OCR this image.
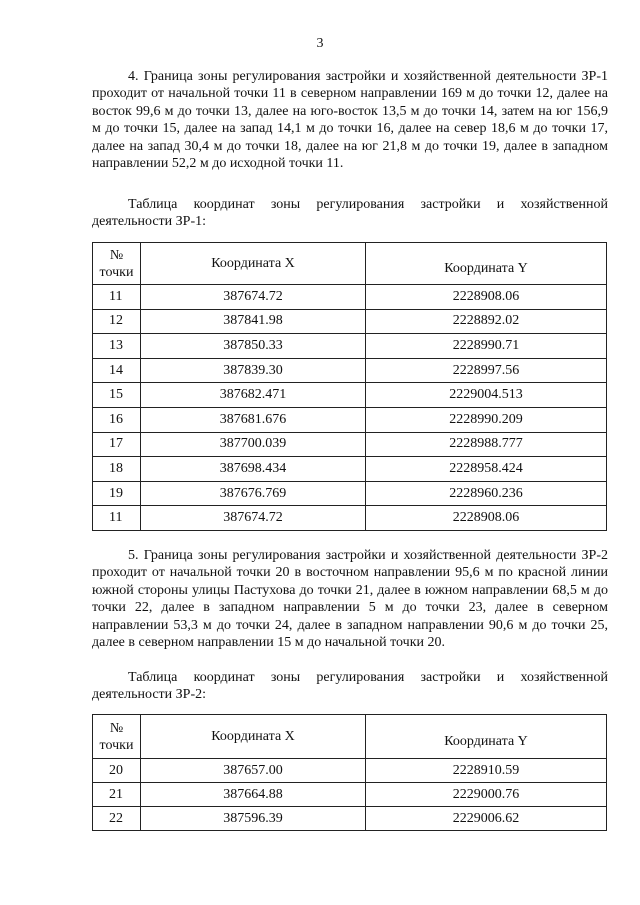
3

4. Граница зоны регулирования застройки и хозяйственной деятельности ЗР-1 проходит от начальной точки 11 в северном направлении 169 м до точки 12, далее на восток 99,6 м до точки 13, далее на юго-восток 13,5 м до точки 14, затем на юг 156,9 м до точки 15, далее на запад 14,1 м до точки 16, далее на север 18,6 м до точки 17, далее на запад 30,4 м до точки 18, далее на юг 21,8 м до точки 19, далее в западном направлении 52,2 м до исходной точки 11.

Таблица координат зоны регулирования застройки и хозяйственной деятельности ЗР-1:

№
точки	Координата X	Координата Y
11	387674.72	2228908.06
12	387841.98	2228892.02
13	387850.33	2228990.71
14	387839.30	2228997.56
15	387682.471	2229004.513
16	387681.676	2228990.209
17	387700.039	2228988.777
18	387698.434	2228958.424
19	387676.769	2228960.236
11	387674.72	2228908.06

5. Граница зоны регулирования застройки и хозяйственной деятельности ЗР-2 проходит от начальной точки 20 в восточном направлении 95,6 м по красной линии южной стороны улицы Пастухова до точки 21, далее в южном направлении 68,5 м до точки 22, далее в западном направлении 5 м до точки 23, далее в северном направлении 53,3 м до точки 24, далее в западном направлении 90,6 м до точки 25, далее в северном направлении 15 м до начальной точки 20.

Таблица координат зоны регулирования застройки и хозяйственной деятельности ЗР-2:

№
точки	Координата X	Координата Y
20	387657.00	2228910.59
21	387664.88	2229000.76
22	387596.39	2229006.62
